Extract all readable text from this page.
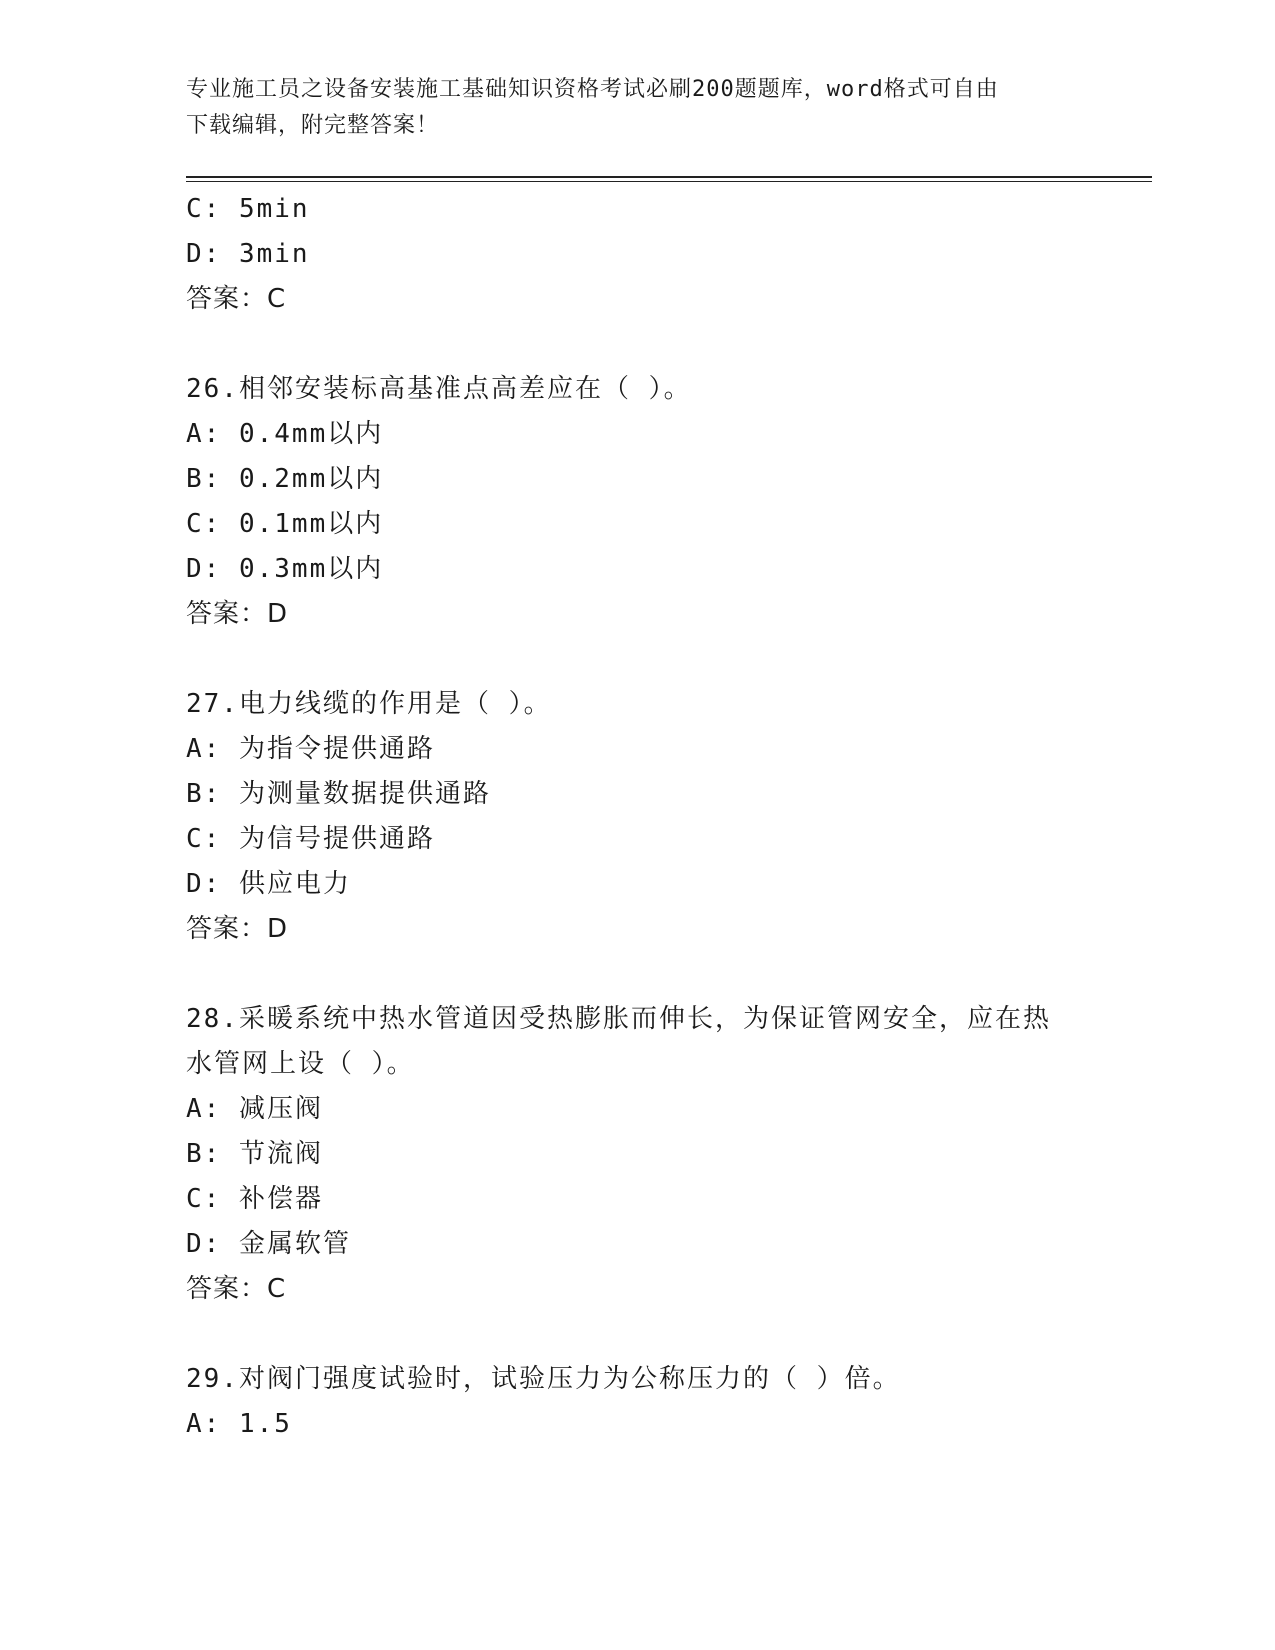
专业施工员之设备安装施工基础知识资格考试必刷200题题库，word格式可自由
下载编辑，附完整答案！
C: 5min
D: 3min
答案：C
26.相邻安装标高基准点高差应在（ ）。
A: 0.4mm以内
B: 0.2mm以内
C: 0.1mm以内
D: 0.3mm以内
答案：D
27.电力线缆的作用是（ ）。
A: 为指令提供通路
B: 为测量数据提供通路
C: 为信号提供通路
D: 供应电力
答案：D
28.采暖系统中热水管道因受热膨胀而伸长，为保证管网安全，应在热
水管网上设（ ）。
A: 减压阀
B: 节流阀
C: 补偿器
D: 金属软管
答案：C
29.对阀门强度试验时，试验压力为公称压力的（ ）倍。
A: 1.5
